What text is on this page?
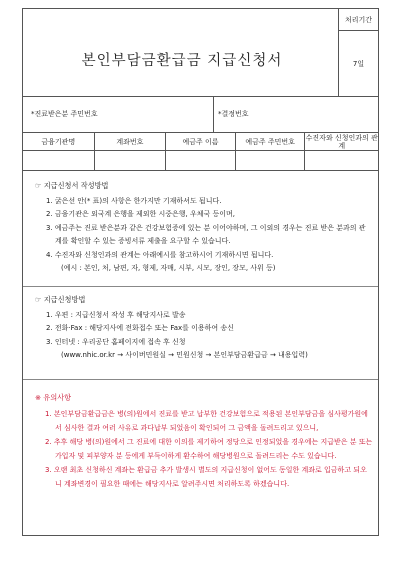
본인부담금환급금 지급신청서
처리기간
7일
*진료받은분 주민번호	*결정번호
금융기관명	계좌번호	예금주 이름	예금주 주민번호	수진자와 신청인과의 관계
☞ 지급신청서 작성방법
1. 굵은선 안(* 표)의 사항은 한가지만 기재하셔도 됩니다.
2. 금융기관은 외국계 은행을 제외한 시중은행, 우체국 등이며,
3. 예금주는 진료 받은분과 같은 건강보험증에 있는 분 이어야하며, 그 이외의 경우는 진료 받은 분과의 관계를 확인할 수 있는 증빙서류 제출을 요구할 수 있습니다.
4. 수진자와 신청인과의 관계는 아래예시를 참고하시어 기재하시면 됩니다.
(예시 : 본인, 처, 남편, 자, 형제, 자매, 시부, 시모, 장인, 장모, 사위 등)
☞ 지급신청방법
1. 우편 : 지급신청서 작성 후 해당지사로 발송
2. 전화·Fax : 해당지사에 전화접수 또는 Fax를 이용하여 송신
3. 인터넷 : 우리공단 홈페이지에 접속 후 신청
(www.nhic.or.kr → 사이버민원실 → 민원신청 → 본인부담금환급금 → 내용입력)
※ 유의사항
1. 본인부담금환급금은 병(의)원에서 진료를 받고 납부한 건강보험으로 적용된 본인부담금을 심사평가원에서 심사한 결과 여러 사유로 과다납부 되었음이 확인되어 그 금액을 돌려드리고 있으니,
2. 추후 해당 병(의)원에서 그 진료에 대한 이의를 제기하여 정당으로 인정되었을 경우에는 지급받은 분 또는 가입자 및 피부양자 분 등에게 부득이하게 환수하여 해당병원으로 돌려드리는 수도 있습니다.
3. 오랜 최초 신청하신 계좌는 환급금 추가 발생시 별도의 지급신청이 없어도 동일한 계좌로 입금하고 되오니 계좌변경이 필요한 때에는 해당지사로 알려주시면 처리하도록 하겠습니다.
